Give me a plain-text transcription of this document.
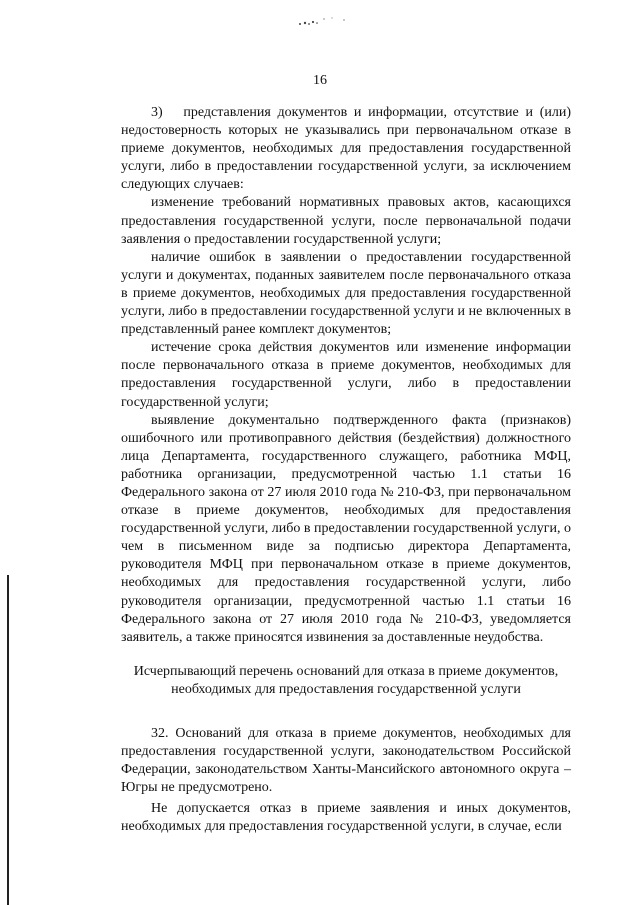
16

3)  представления документов и информации, отсутствие и (или) недостоверность которых не указывались при первоначальном отказе в приеме документов, необходимых для предоставления государственной услуги, либо в предоставлении государственной услуги, за исключением следующих случаев:

изменение требований нормативных правовых актов, касающихся предоставления государственной услуги, после первоначальной подачи заявления о предоставлении государственной услуги;

наличие ошибок в заявлении о предоставлении государственной услуги и документах, поданных заявителем после первоначального отказа в приеме документов, необходимых для предоставления государственной услуги, либо в предоставлении государственной услуги и не включенных в представленный ранее комплект документов;

истечение срока действия документов или изменение информации после первоначального отказа в приеме документов, необходимых для предоставления государственной услуги, либо в предоставлении государственной услуги;

выявление документально подтвержденного факта (признаков) ошибочного или противоправного действия (бездействия) должностного лица Департамента, государственного служащего, работника МФЦ, работника организации, предусмотренной частью 1.1 статьи 16 Федерального закона от 27 июля 2010 года № 210-ФЗ, при первоначальном отказе в приеме документов, необходимых для предоставления государственной услуги, либо в предоставлении государственной услуги, о чем в письменном виде за подписью директора Департамента, руководителя МФЦ при первоначальном отказе в приеме документов, необходимых для предоставления государственной услуги, либо руководителя организации, предусмотренной частью 1.1 статьи 16 Федерального закона от 27 июля 2010 года № 210-ФЗ, уведомляется заявитель, а также приносятся извинения за доставленные неудобства.

Исчерпывающий перечень оснований для отказа в приеме документов,
необходимых для предоставления государственной услуги

32. Оснований для отказа в приеме документов, необходимых для предоставления государственной услуги, законодательством Российской Федерации, законодательством Ханты-Мансийского автономного округа – Югры не предусмотрено.

Не допускается отказ в приеме заявления и иных документов, необходимых для предоставления государственной услуги, в случае, если
